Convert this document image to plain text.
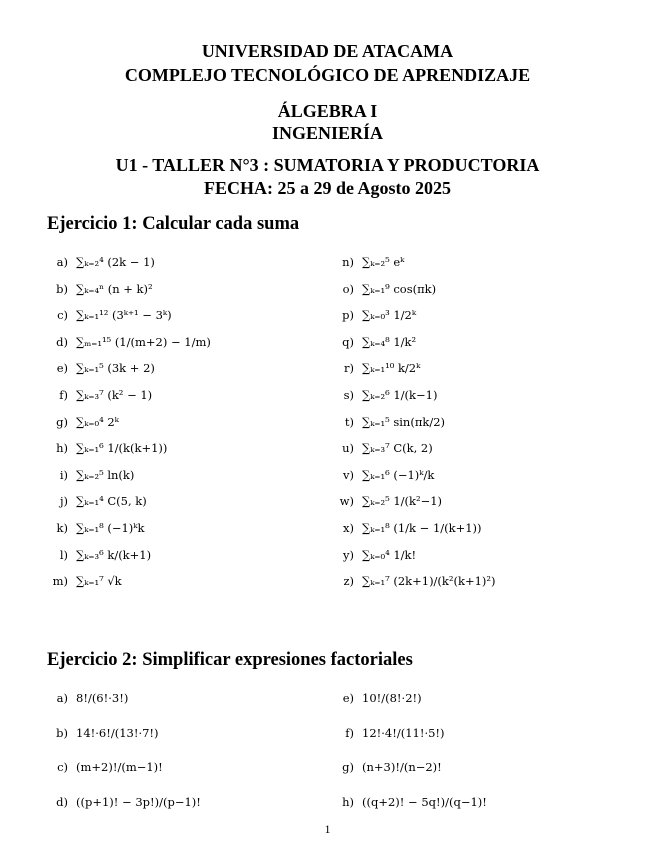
UNIVERSIDAD DE ATACAMA
COMPLEJO TECNOLÓGICO DE APRENDIZAJE
ÁLGEBRA I
INGENIERÍA
U1 - TALLER N°3 : SUMATORIA Y PRODUCTORIA
FECHA: 25 a 29 de Agosto 2025
Ejercicio 1: Calcular cada suma
a) ∑ₖ₌₂⁴ (2k − 1)
b) ∑ₖ₌₄ⁿ (n + k)²
c) ∑ₖ₌₁¹² (3ᵏ⁺¹ − 3ᵏ)
d) ∑ₘ₌₁¹⁵ (1/(m+2) − 1/m)
e) ∑ₖ₌₁⁵ (3k + 2)
f) ∑ₖ₌₃⁷ (k² − 1)
g) ∑ₖ₌₀⁴ 2ᵏ
h) ∑ₖ₌₁⁶ 1/(k(k+1))
i) ∑ₖ₌₂⁵ ln(k)
j) ∑ₖ₌₁⁴ C(5, k)
k) ∑ₖ₌₁⁸ (−1)ᵏk
l) ∑ₖ₌₃⁶ k/(k+1)
m) ∑ₖ₌₁⁷ √k
n) ∑ₖ₌₂⁵ eᵏ
o) ∑ₖ₌₁⁹ cos(πk)
p) ∑ₖ₌₀³ 1/2ᵏ
q) ∑ₖ₌₄⁸ 1/k²
r) ∑ₖ₌₁¹⁰ k/2ᵏ
s) ∑ₖ₌₂⁶ 1/(k−1)
t) ∑ₖ₌₁⁵ sin(πk/2)
u) ∑ₖ₌₃⁷ C(k, 2)
v) ∑ₖ₌₁⁶ (−1)ᵏ/k
w) ∑ₖ₌₂⁵ 1/(k²−1)
x) ∑ₖ₌₁⁸ (1/k − 1/(k+1))
y) ∑ₖ₌₀⁴ 1/k!
z) ∑ₖ₌₁⁷ (2k+1)/(k²(k+1)²)
Ejercicio 2: Simplificar expresiones factoriales
a) 8!/(6!·3!)
b) 14!·6!/(13!·7!)
c) (m+2)!/(m−1)!
d) ((p+1)! − 3p!)/(p−1)!
e) 10!/(8!·2!)
f) 12!·4!/(11!·5!)
g) (n+3)!/(n−2)!
h) ((q+2)! − 5q!)/(q−1)!
1
